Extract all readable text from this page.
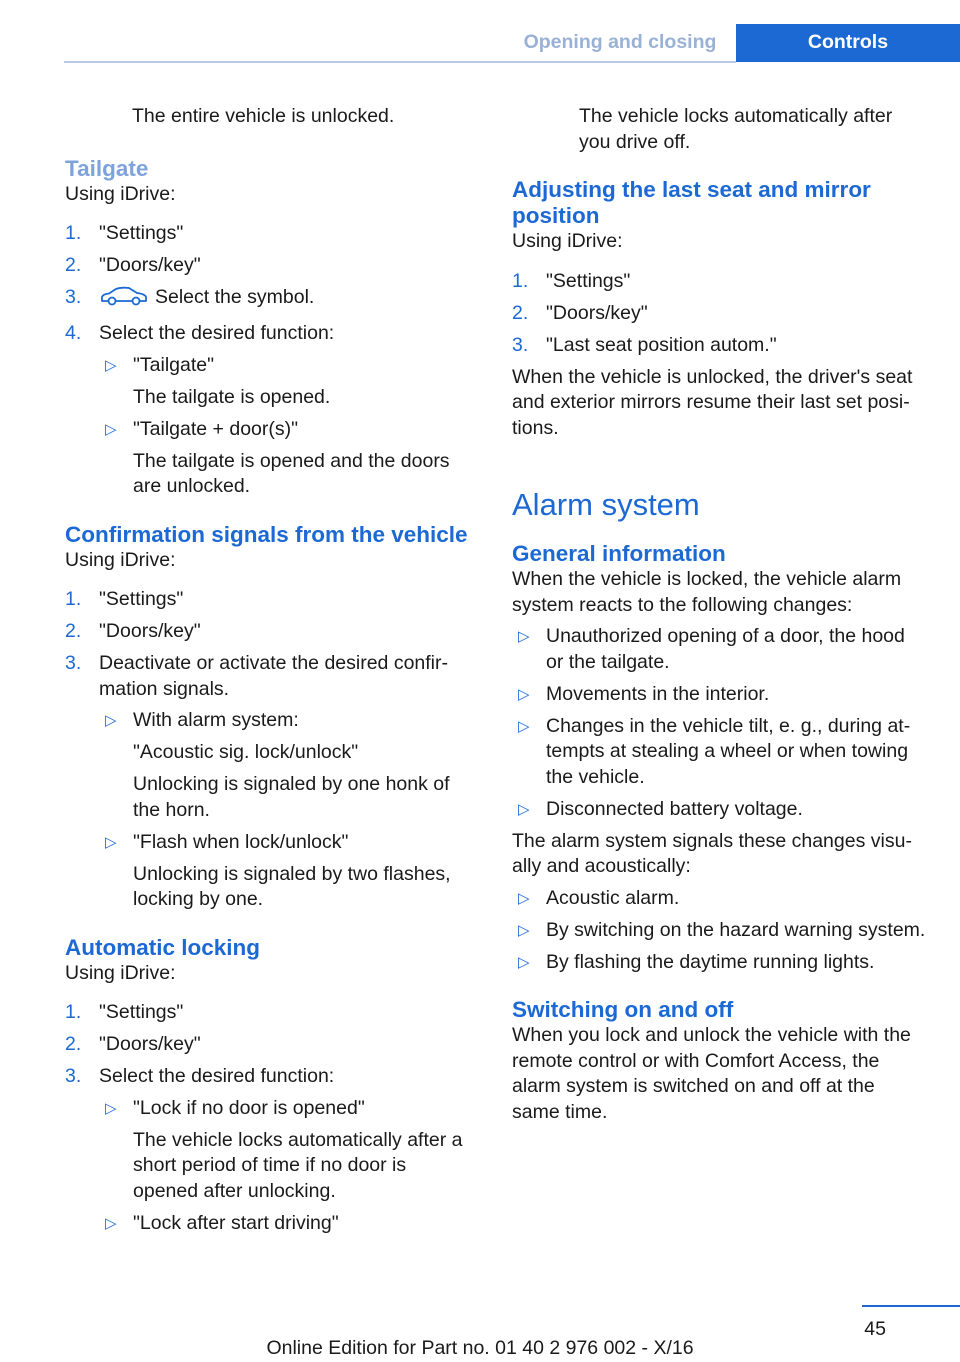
Opening and closing	Controls

The entire vehicle is unlocked.

Tailgate

Using iDrive:

1. "Settings"
2. "Doors/key"
3.	Select the symbol.
4. Select the desired function:
▷ "Tailgate"
The tailgate is opened.
▷ "Tailgate + door(s)"
The tailgate is opened and the doors are unlocked.
Confirmation signals from the vehicle

Using iDrive:

1. "Settings"
2. "Doors/key"
3. Deactivate or activate the desired confirmation signals.
▷ With alarm system:
"Acoustic sig. lock/unlock"
Unlocking is signaled by one honk of the horn.
▷ "Flash when lock/unlock"
Unlocking is signaled by two flashes, locking by one.
Automatic locking

Using iDrive:

1. "Settings"
2. "Doors/key"
3. Select the desired function:
▷ "Lock if no door is opened"
The vehicle locks automatically after a short period of time if no door is opened after unlocking.
▷ "Lock after start driving"

The vehicle locks automatically after you drive off.

Adjusting the last seat and mirror position

Using iDrive:

1. "Settings"
2. "Doors/key"
3. "Last seat position autom."

When the vehicle is unlocked, the driver's seat and exterior mirrors resume their last set positions.

Alarm system
General information

When the vehicle is locked, the vehicle alarm system reacts to the following changes:

▷ Unauthorized opening of a door, the hood or the tailgate.
▷ Movements in the interior.
▷ Changes in the vehicle tilt, e. g., during attempts at stealing a wheel or when towing the vehicle.
▷ Disconnected battery voltage.

The alarm system signals these changes visually and acoustically:

▷ Acoustic alarm.
▷ By switching on the hazard warning system.
▷ By flashing the daytime running lights.
Switching on and off

When you lock and unlock the vehicle with the remote control or with Comfort Access, the alarm system is switched on and off at the same time.

45
Online Edition for Part no. 01 40 2 976 002 - X/16
